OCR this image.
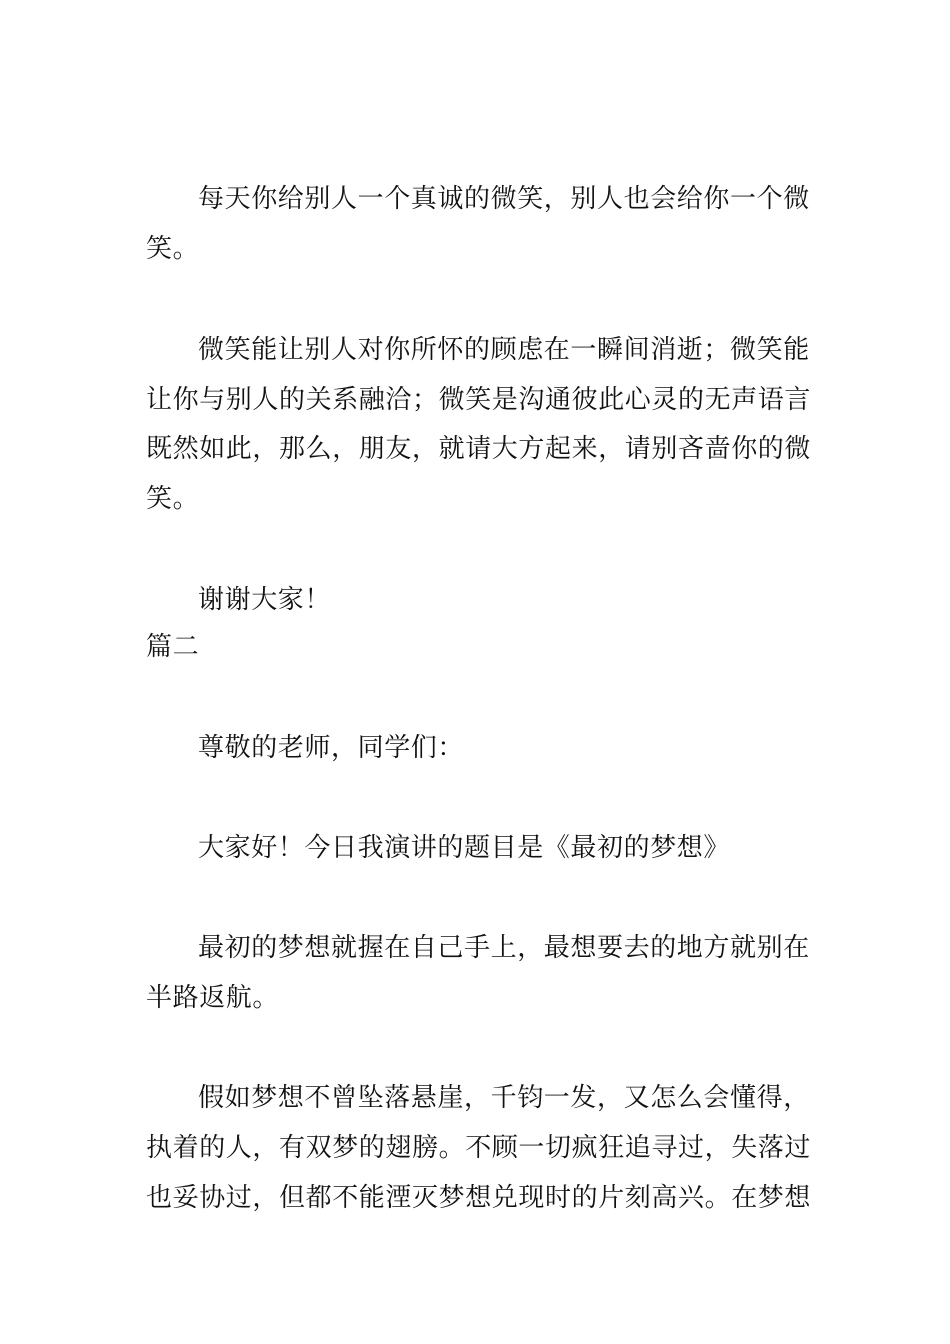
每天你给别人一个真诚的微笑，别人也会给你一个微
笑。
微笑能让别人对你所怀的顾虑在一瞬间消逝；微笑能
让你与别人的关系融洽；微笑是沟通彼此心灵的无声语言
既然如此，那么，朋友，就请大方起来，请别吝啬你的微
笑。
谢谢大家！
篇二
尊敬的老师，同学们：
大家好！今日我演讲的题目是《最初的梦想》
最初的梦想就握在自己手上，最想要去的地方就别在
半路返航。
假如梦想不曾坠落悬崖，千钧一发，又怎么会懂得，
执着的人，有双梦的翅膀。不顾一切疯狂追寻过，失落过
也妥协过，但都不能湮灭梦想兑现时的片刻高兴。在梦想
